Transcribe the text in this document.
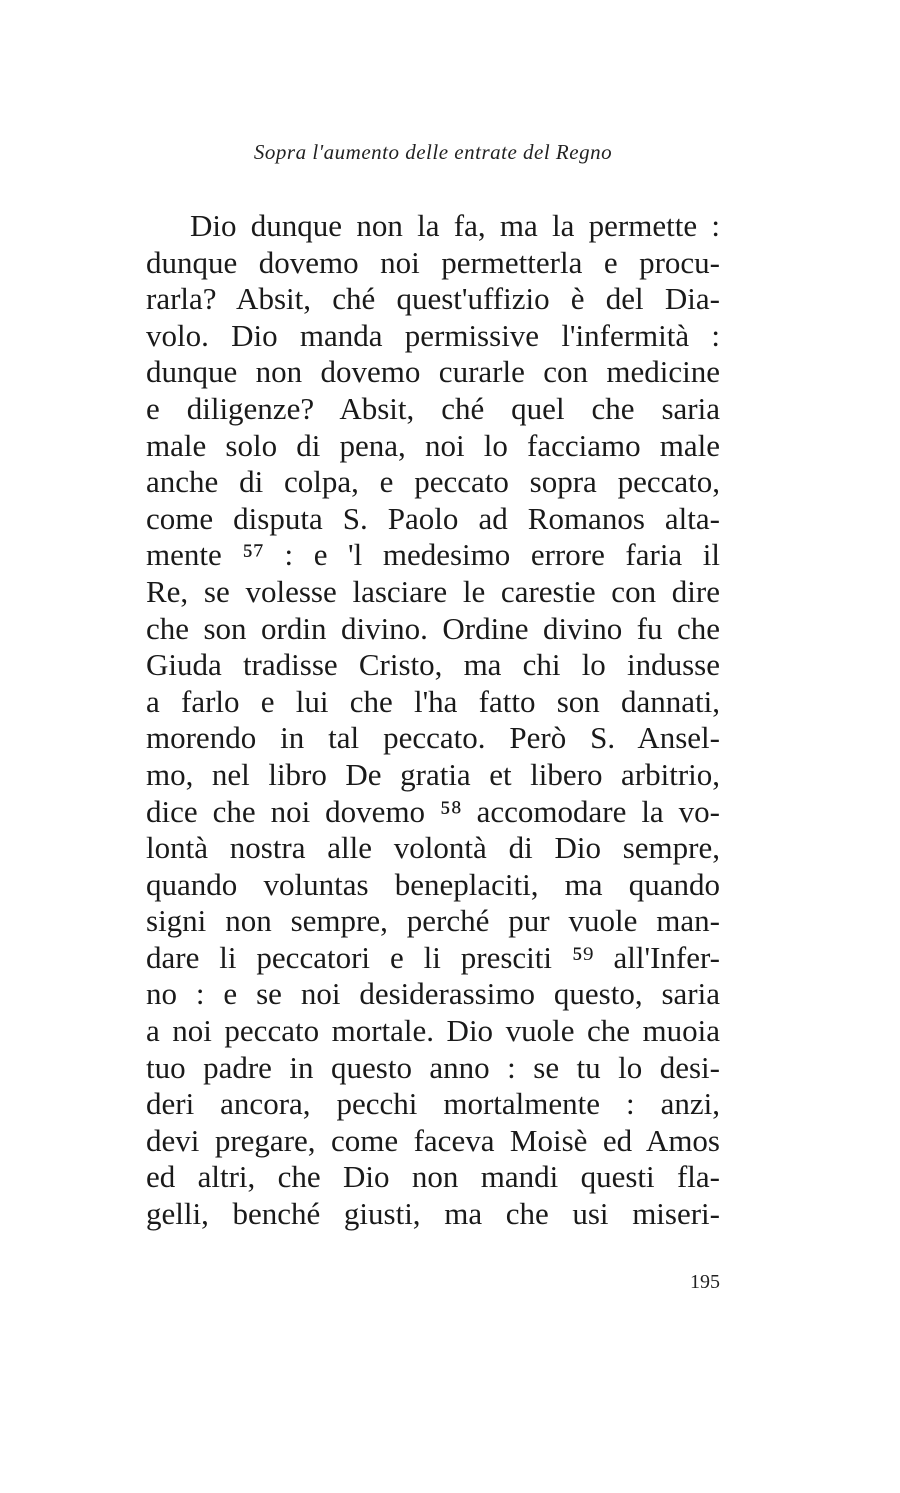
Sopra l'aumento delle entrate del Regno
Dio dunque non la fa, ma la permette :
dunque dovemo noi permetterla e procu-
rarla? Absit, ché quest'uffizio è del Dia-
volo. Dio manda permissive l'infermità :
dunque non dovemo curarle con medicine
e diligenze? Absit, ché quel che saria
male solo di pena, noi lo facciamo male
anche di colpa, e peccato sopra peccato,
come disputa S. Paolo ad Romanos alta-
mente ⁵⁷ : e 'l medesimo errore faria il
Re, se volesse lasciare le carestie con dire
che son ordin divino. Ordine divino fu che
Giuda tradisse Cristo, ma chi lo indusse
a farlo e lui che l'ha fatto son dannati,
morendo in tal peccato. Però S. Ansel-
mo, nel libro De gratia et libero arbitrio,
dice che noi dovemo ⁵⁸ accomodare la vo-
lontà nostra alle volontà di Dio sempre,
quando voluntas beneplaciti, ma quando
signi non sempre, perché pur vuole man-
dare li peccatori e li presciti ⁵⁹ all'Infer-
no : e se noi desiderassimo questo, saria
a noi peccato mortale. Dio vuole che muoia
tuo padre in questo anno : se tu lo desi-
deri ancora, pecchi mortalmente : anzi,
devi pregare, come faceva Moisè ed Amos
ed altri, che Dio non mandi questi fla-
gelli, benché giusti, ma che usi miseri-
195
